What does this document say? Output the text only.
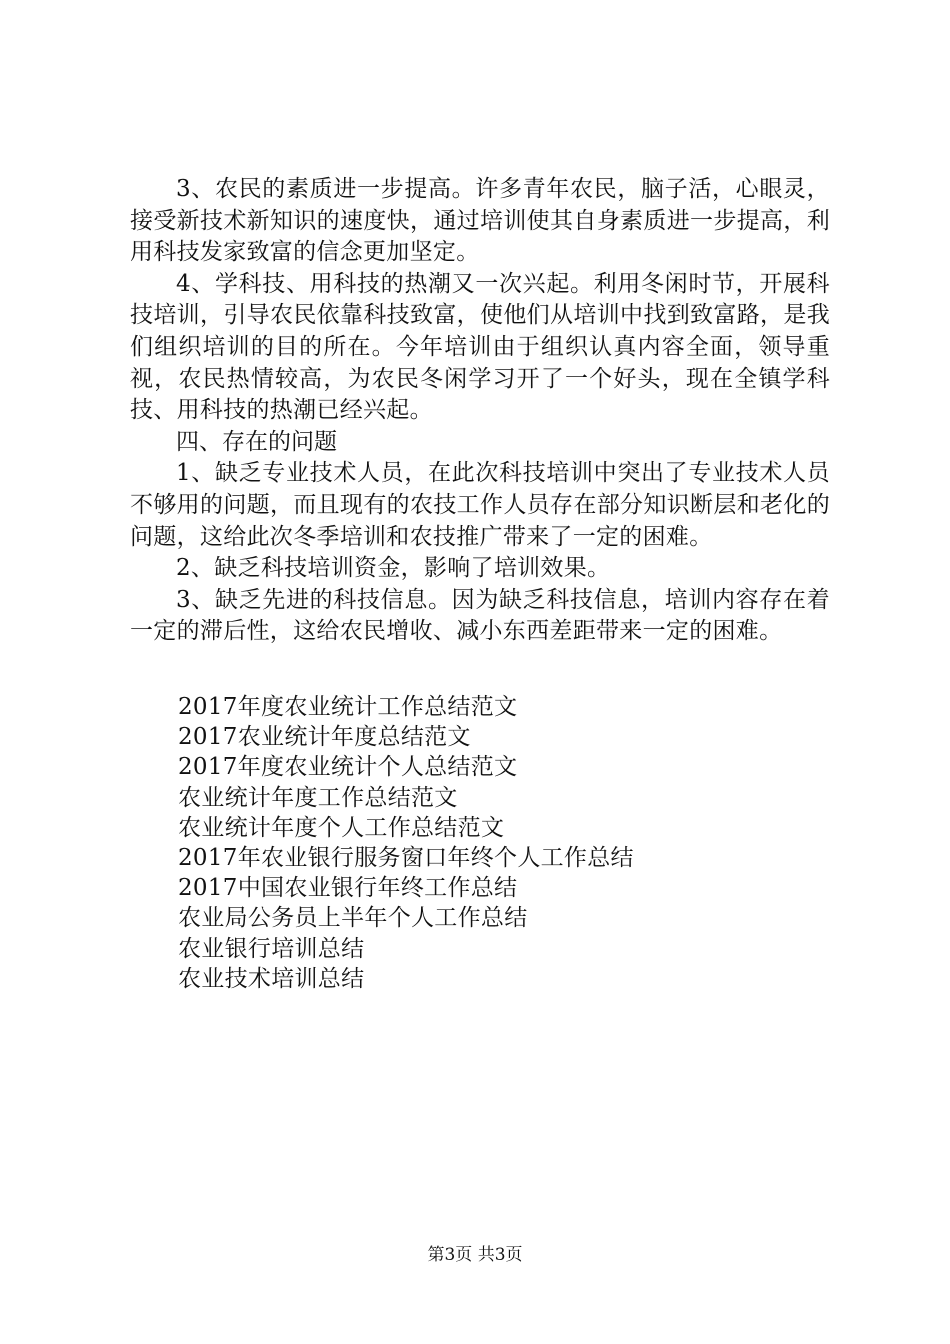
3、农民的素质进一步提高。许多青年农民，脑子活，心眼灵，接受新技术新知识的速度快，通过培训使其自身素质进一步提高，利用科技发家致富的信念更加坚定。

4、学科技、用科技的热潮又一次兴起。利用冬闲时节，开展科技培训，引导农民依靠科技致富，使他们从培训中找到致富路，是我们组织培训的目的所在。今年培训由于组织认真内容全面，领导重视，农民热情较高，为农民冬闲学习开了一个好头，现在全镇学科技、用科技的热潮已经兴起。

四、存在的问题

1、缺乏专业技术人员，在此次科技培训中突出了专业技术人员不够用的问题，而且现有的农技工作人员存在部分知识断层和老化的问题，这给此次冬季培训和农技推广带来了一定的困难。

2、缺乏科技培训资金，影响了培训效果。

3、缺乏先进的科技信息。因为缺乏科技信息，培训内容存在着一定的滞后性，这给农民增收、减小东西差距带来一定的困难。

2017年度农业统计工作总结范文
2017农业统计年度总结范文
2017年度农业统计个人总结范文
农业统计年度工作总结范文
农业统计年度个人工作总结范文
2017年农业银行服务窗口年终个人工作总结
2017中国农业银行年终工作总结
农业局公务员上半年个人工作总结
农业银行培训总结
农业技术培训总结
第3页 共3页
